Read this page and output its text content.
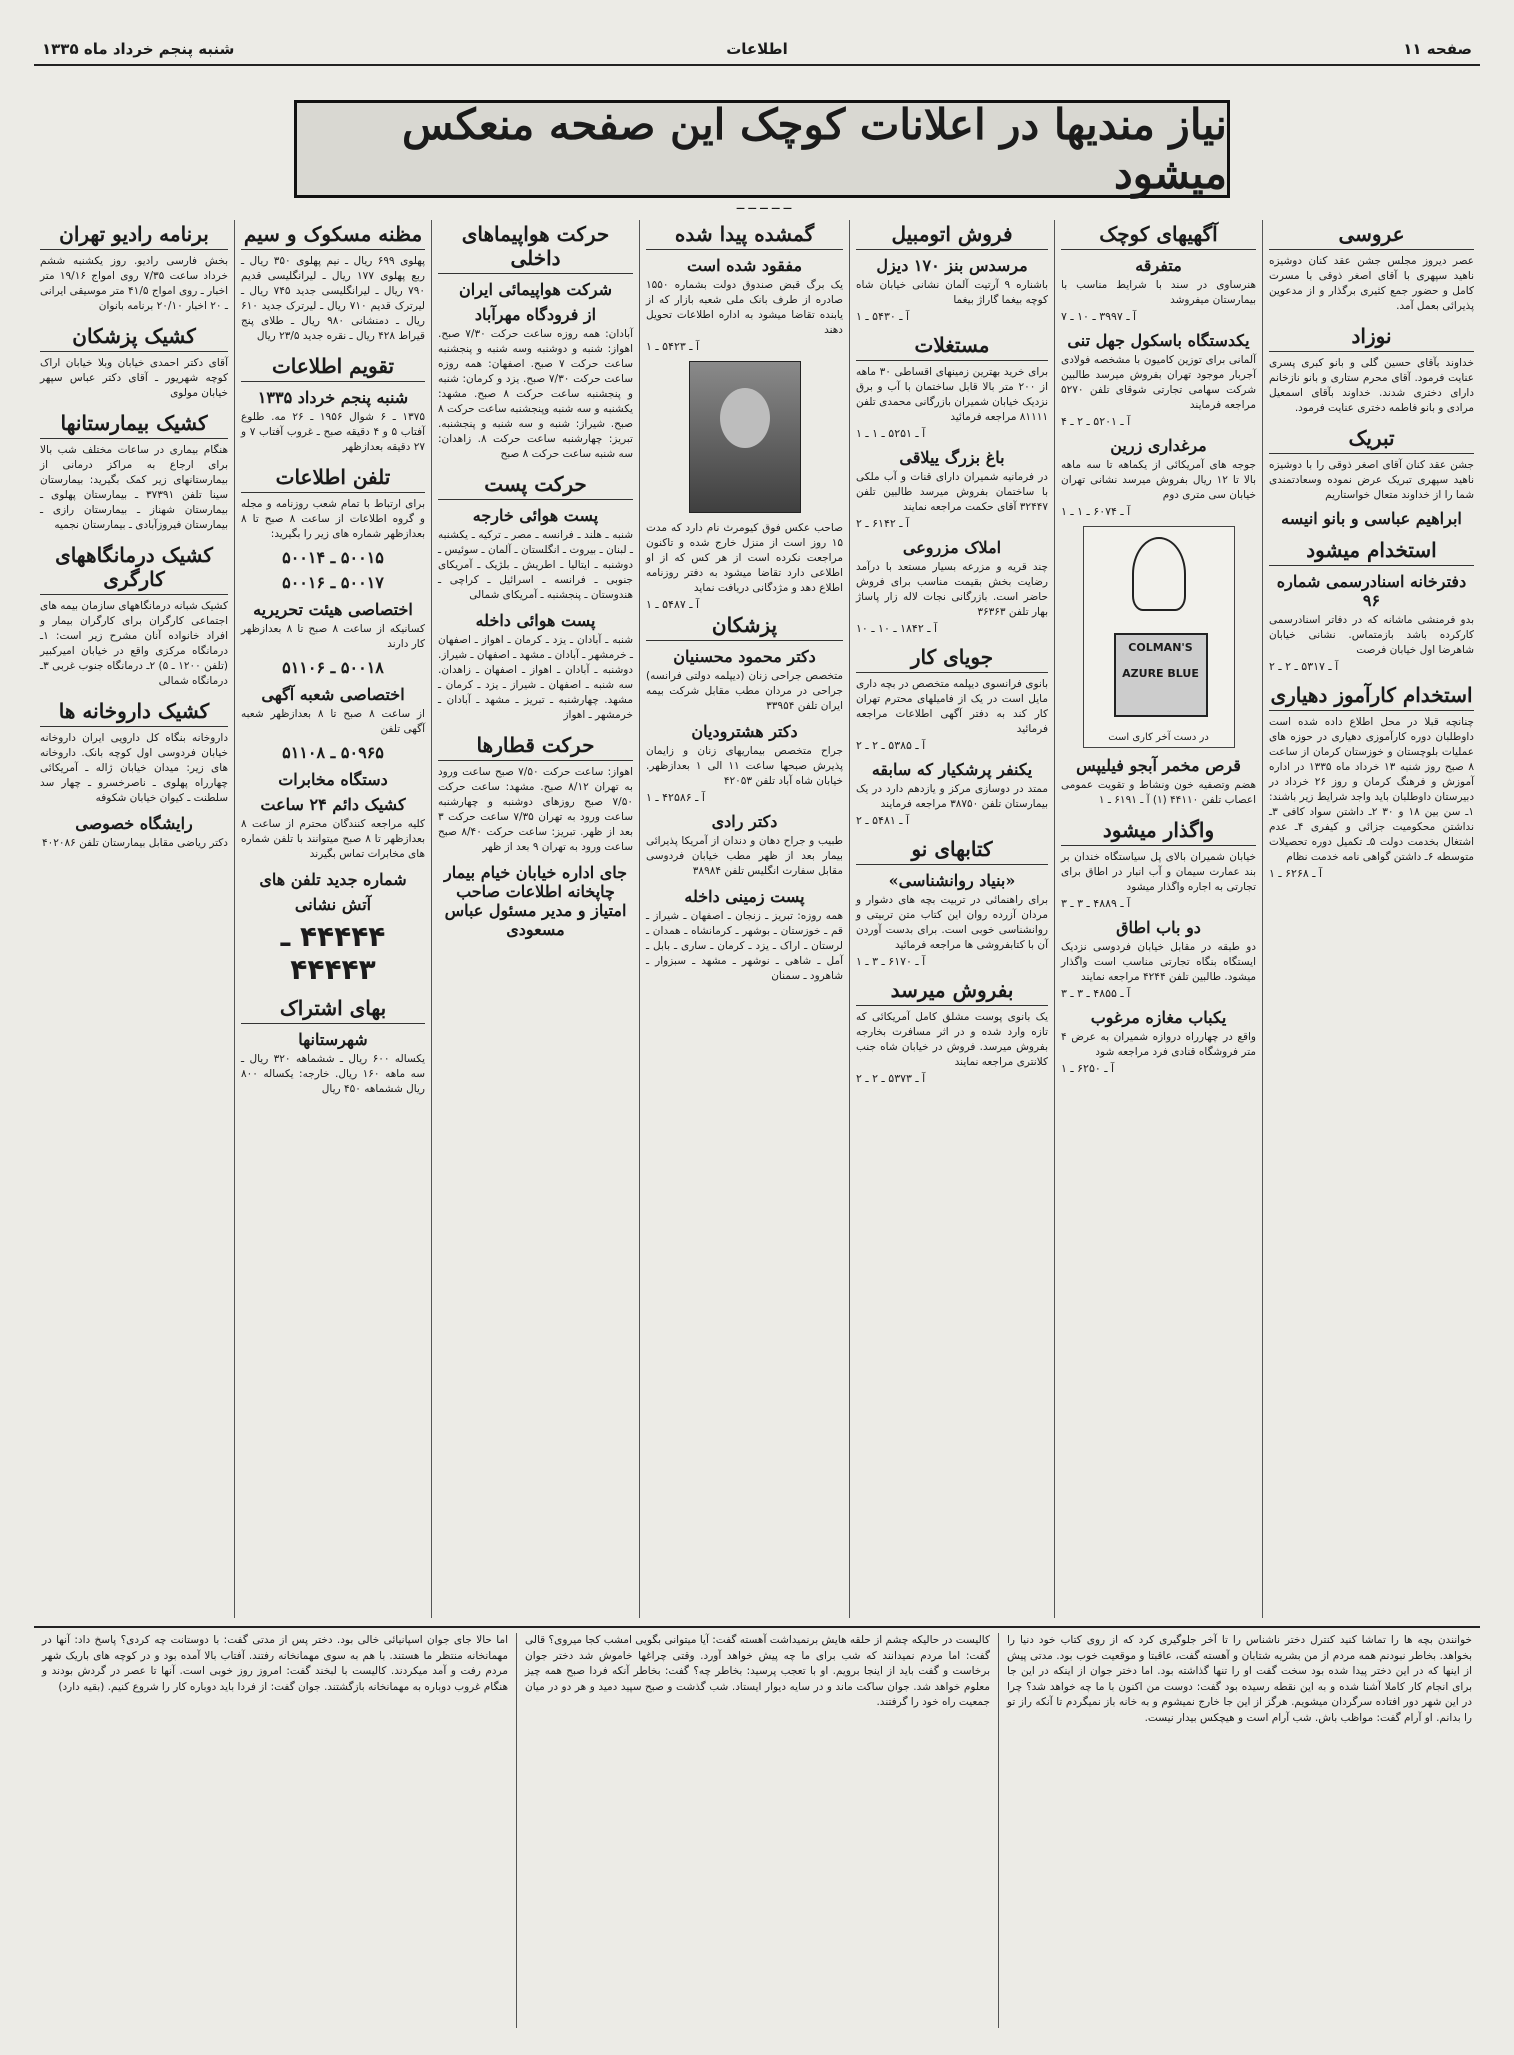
صفحه ۱۱
اطلاعات
شنبه پنجم خرداد ماه ۱۳۳۵
نیاز مندیها در اعلانات کوچک این صفحه منعکس میشود
ــ ــ ــ ــ ــ
عروسی
عصر دیروز مجلس جشن عقد کنان دوشیزه ناهید سپهری با آقای اصغر ذوقی با مسرت کامل و حضور جمع کثیری برگذار و از مدعوین پذیرائی بعمل آمد.
نوزاد
خداوند بآقای حسین گلی و بانو کبری پسری عنایت فرمود. آقای محرم ستاری و بانو نازخانم دارای دختری شدند. خداوند بآقای اسمعیل مرادی و بانو فاطمه دختری عنایت فرمود.
تبریک
جشن عقد کنان آقای اصغر ذوقی را با دوشیزه ناهید سپهری تبریک عرض نموده وسعادتمندی شما را از خداوند متعال خواستاریم
ابراهیم عباسی و بانو انیسه
استخدام میشود
دفترخانه اسنادرسمی شماره ۹۶
بدو فرمنشی ماشانه که در دفاتر اسنادرسمی کارکرده باشد بازمتماس. نشانی خیابان شاهرضا اول خیابان فرصت
آ ـ ۵۳۱۷ ـ ۲ ـ ۲
استخدام کارآموز دهیاری
چنانچه قبلا در محل اطلاع داده شده است داوطلبان دوره کارآموزی دهیاری در حوزه های عملیات بلوچستان و خوزستان کرمان از ساعت ۸ صبح روز شنبه ۱۳ خرداد ماه ۱۳۳۵ در اداره آموزش و فرهنگ کرمان و روز ۲۶ خرداد در دبیرستان داوطلبان باید واجد شرایط زیر باشند: ۱ـ سن بین ۱۸ و ۳۰ ۲ـ داشتن سواد کافی ۳ـ نداشتن محکومیت جزائی و کیفری ۴ـ عدم اشتغال بخدمت دولت ۵ـ تکمیل دوره تحصیلات متوسطه ۶ـ داشتن گواهی نامه خدمت نظام
آ ـ ۶۲۶۸ ـ ۱
آگهیهای کوچک
متفرقه
هنرساوی در سند با شرایط مناسب با بیمارستان میفروشد
آ ـ ۳۹۹۷ ـ ۱۰ ـ ۷
یکدستگاه باسکول جهل تنی
آلمانی برای توزین کامیون با مشخصه فولادی آجربار موجود تهران بفروش میرسد طالبین شرکت سهامی تجارتی شوقای تلفن ۵۲۷۰ مراجعه فرمایند
آ ـ ۵۲۰۱ ـ ۲ ـ ۴
مرغداری زرین
جوجه های آمریکائی از یکماهه تا سه ماهه بالا تا ۱۲ ریال بفروش میرسد نشانی تهران خیابان سی متری دوم
آ ـ ۶۰۷۴ ـ ۱ ـ ۱
COLMAN'S AZURE BLUE
در دست آخر کاری است
قرص مخمر آبجو فیلیپس
هضم وتصفیه خون ونشاط و تقویت عمومی اعصاب تلفن ۴۴۱۱۰ (۱) آ ـ ۶۱۹۱ ـ ۱
واگذار میشود
خیابان شمیران بالای پل سیاستگاه خندان بر بند عمارت سیمان و آب انبار در اطاق برای تجارتی به اجاره واگذار میشود
آ ـ ۴۸۸۹ ـ ۳ ـ ۳
دو باب اطاق
دو طبقه در مقابل خیابان فردوسی نزدیک ایستگاه بنگاه تجارتی مناسب است واگذار میشود. طالبین تلفن ۴۲۴۴ مراجعه نمایند
آ ـ ۴۸۵۵ ـ ۳ ـ ۳
یکباب مغازه مرغوب
واقع در چهارراه دروازه شمیران به عرض ۴ متر فروشگاه قنادی فرد مراجعه شود
آ ـ ۶۲۵۰ ـ ۱
فروش اتومبیل
مرسدس بنز ۱۷۰ دیزل
باشناره ۹ آرتیت آلمان نشانی خیابان شاه کوچه بیغما گاراژ بیغما
آ ـ ۵۴۳۰ ـ ۱
مستغلات
برای خرید بهترین زمینهای اقساطی ۳۰ ماهه از ۲۰۰ متر بالا قابل ساختمان با آب و برق نزدیک خیابان شمیران بازرگانی محمدی تلفن ۸۱۱۱۱ مراجعه فرمائید
آ ـ ۵۲۵۱ ـ ۱ ـ ۱
باغ بزرگ ییلاقی
در فرمانیه شمیران دارای قنات و آب ملکی با ساختمان بفروش میرسد طالبین تلفن ۳۲۴۴۷ آقای حکمت مراجعه نمایند
آ ـ ۶۱۴۲ ـ ۲
املاک مزروعی
چند قریه و مزرعه بسیار مستعد با درآمد رضایت بخش بقیمت مناسب برای فروش حاضر است. بازرگانی نجات لاله زار پاساژ بهار تلفن ۳۶۳۶۳
آ ـ ۱۸۴۲ ـ ۱۰ ـ ۱۰
جویای کار
بانوی فرانسوی دیپلمه متخصص در بچه داری مایل است در یک از فامیلهای محترم تهران کار کند به دفتر آگهی اطلاعات مراجعه فرمائید
آ ـ ۵۳۸۵ ـ ۲ ـ ۲
یکنفر پرشکیار که سابقه
ممتد در دوسازی مرکز و یازدهم دارد در یک بیمارستان تلفن ۳۸۷۵۰ مراجعه فرمایند
آ ـ ۵۴۸۱ ـ ۲
کتابهای نو
«بنیاد روانشناسی»
برای راهنمائی در تربیت بچه های دشوار و مردان آزرده روان این کتاب متن تربیتی و روانشناسی خوبی است. برای بدست آوردن آن با کتابفروشی ها مراجعه فرمائید
آ ـ ۶۱۷۰ ـ ۳ ـ ۱
بفروش میرسد
یک بانوی پوست مشلق کامل آمریکائی که تازه وارد شده و در اثر مسافرت بخارجه بفروش میرسد. فروش در خیابان شاه جنب کلانتری مراجعه نمایند
آ ـ ۵۳۷۳ ـ ۲ ـ ۲
گمشده پیدا شده
مفقود شده است
یک برگ قبض صندوق دولت بشماره ۱۵۵۰ صادره از طرف بانک ملی شعبه بازار که از یابنده تقاضا میشود به اداره اطلاعات تحویل دهند
آ ـ ۵۴۲۳ ـ ۱
صاحب عکس فوق کیومرث نام دارد که مدت ۱۵ روز است از منزل خارج شده و تاکنون مراجعت نکرده است از هر کس که از او اطلاعی دارد تقاضا میشود به دفتر روزنامه اطلاع دهد و مژدگانی دریافت نماید
آ ـ ۵۴۸۷ ـ ۱
پزشکان
دکتر محمود محسنیان
متخصص جراحی زنان (دیپلمه دولتی فرانسه) جراحی در مردان مطب مقابل شرکت بیمه ایران تلفن ۳۳۹۵۴
دکتر هشترودیان
جراح متخصص بیماریهای زنان و زایمان پذیرش صبحها ساعت ۱۱ الی ۱ بعدازظهر. خیابان شاه آباد تلفن ۴۲۰۵۳
آ ـ ۴۲۵۸۶ ـ ۱
دکتر رادی
طبیب و جراح دهان و دندان از آمریکا پذیرائی بیمار بعد از ظهر مطب خیابان فردوسی مقابل سفارت انگلیس تلفن ۳۸۹۸۴
پست زمینی داخله
همه روزه: تبریز ـ زنجان ـ اصفهان ـ شیراز ـ قم ـ خوزستان ـ بوشهر ـ کرمانشاه ـ همدان ـ لرستان ـ اراک ـ یزد ـ کرمان ـ ساری ـ بابل ـ آمل ـ شاهی ـ نوشهر ـ مشهد ـ سبزوار ـ شاهرود ـ سمنان
حرکت هواپیماهای داخلی
شرکت هواپیمائی ایران
از فرودگاه مهرآباد
آبادان: همه روزه ساعت حرکت ۷/۳۰ صبح. اهواز: شنبه و دوشنبه وسه شنبه و پنجشنبه ساعت حرکت ۷ صبح. اصفهان: همه روزه ساعت حرکت ۷/۳۰ صبح. یزد و کرمان: شنبه و پنجشنبه ساعت حرکت ۸ صبح. مشهد: یکشنبه و سه شنبه وپنجشنبه ساعت حرکت ۸ صبح. شیراز: شنبه و سه شنبه و پنجشنبه. تبریز: چهارشنبه ساعت حرکت ۸. زاهدان: سه شنبه ساعت حرکت ۸ صبح
حرکت پست
پست هوائی خارجه
شنبه ـ هلند ـ فرانسه ـ مصر ـ ترکیه ـ یکشنبه ـ لبنان ـ بیروت ـ انگلستان ـ آلمان ـ سوئیس ـ دوشنبه ـ ایتالیا ـ اطریش ـ بلژیک ـ آمریکای جنوبی ـ فرانسه ـ اسرائیل ـ کراچی ـ هندوستان ـ پنجشنبه ـ آمریکای شمالی
پست هوائی داخله
شنبه ـ آبادان ـ یزد ـ کرمان ـ اهواز ـ اصفهان ـ خرمشهر ـ آبادان ـ مشهد ـ اصفهان ـ شیراز. دوشنبه ـ آبادان ـ اهواز ـ اصفهان ـ زاهدان. سه شنبه ـ اصفهان ـ شیراز ـ یزد ـ کرمان ـ مشهد. چهارشنبه ـ تبریز ـ مشهد ـ آبادان ـ خرمشهر ـ اهواز
حرکت قطارها
اهواز: ساعت حرکت ۷/۵۰ صبح ساعت ورود به تهران ۸/۱۲ صبح. مشهد: ساعت حرکت ۷/۵۰ صبح روزهای دوشنبه و چهارشنبه ساعت ورود به تهران ۷/۳۵ ساعت حرکت ۳ بعد از ظهر. تبریز: ساعت حرکت ۸/۴۰ صبح ساعت ورود به تهران ۹ بعد از ظهر
جای اداره خیابان خیام بیمار چاپخانه اطلاعات صاحب امتیاز و مدیر مسئول عباس مسعودی
مظنه مسکوک و سیم
پهلوی ۶۹۹ ریال ـ نیم پهلوی ۳۵۰ ریال ـ ربع پهلوی ۱۷۷ ریال ـ لیرانگلیسی قدیم ۷۹۰ ریال ـ لیرانگلیسی جدید ۷۴۵ ریال ـ لیرترک قدیم ۷۱۰ ریال ـ لیرترک جدید ۶۱۰ ریال ـ دمنشانی ۹۸۰ ریال ـ طلای پنج قیراط ۴۲۸ ریال ـ نقره جدید ۲۳/۵ ریال
تقویم اطلاعات
شنبه پنجم خرداد ۱۳۳۵
۱۳۷۵ ـ ۶ شوال ۱۹۵۶ ـ ۲۶ مه. طلوع آفتاب ۵ و ۴ دقیقه صبح ـ غروب آفتاب ۷ و ۲۷ دقیقه بعدازظهر
تلفن اطلاعات
برای ارتباط با تمام شعب روزنامه و مجله و گروه اطلاعات از ساعت ۸ صبح تا ۸ بعدازظهر شماره های زیر را بگیرید:
۵۰۰۱۵ ـ ۵۰۰۱۴
۵۰۰۱۷ ـ ۵۰۰۱۶
اختصاصی هیئت تحریریه
کسانیکه از ساعت ۸ صبح تا ۸ بعدازظهر کار دارند
۵۰۰۱۸ ـ ۵۱۱۰۶
اختصاصی شعبه آگهی
از ساعت ۸ صبح تا ۸ بعدازظهر شعبه آگهی تلفن
۵۰۹۶۵ ـ ۵۱۱۰۸
دستگاه مخابرات
کشیک دائم ۲۴ ساعت
کلیه مراجعه کنندگان محترم از ساعت ۸ بعدازظهر تا ۸ صبح میتوانند با تلفن شماره های مخابرات تماس بگیرند
شماره جدید تلفن های
آتش نشانی
۴۴۴۴۴ ـ ۴۴۴۴۳
بهای اشتراک
شهرستانها
یکساله ۶۰۰ ریال ـ ششماهه ۳۲۰ ریال ـ سه ماهه ۱۶۰ ریال. خارجه: یکساله ۸۰۰ ریال ششماهه ۴۵۰ ریال
برنامه رادیو تهران
بخش فارسی رادیو. روز یکشنبه ششم خرداد ساعت ۷/۳۵ روی امواج ۱۹/۱۶ متر اخبار ـ روی امواج ۴۱/۵ متر موسیقی ایرانی ـ ۲۰ اخبار ۲۰/۱۰ برنامه بانوان
کشیک پزشکان
آقای دکتر احمدی خیابان وبلا خیابان اراک کوچه شهریور ـ آقای دکتر عباس سپهر خیابان مولوی
کشیک بیمارستانها
هنگام بیماری در ساعات مختلف شب بالا برای ارجاع به مراکز درمانی از بیمارستانهای زیر کمک بگیرید: بیمارستان سینا تلفن ۳۷۳۹۱ ـ بیمارستان پهلوی ـ بیمارستان شهناز ـ بیمارستان رازی ـ بیمارستان فیروزآبادی ـ بیمارستان نجمیه
کشیک درمانگاههای کارگری
کشیک شبانه درمانگاههای سازمان بیمه های اجتماعی کارگران برای کارگران بیمار و افراد خانواده آنان مشرح زیر است: ۱ـ درمانگاه مرکزی واقع در خیابان امیرکبیر (تلفن ۱۲۰۰ ـ ۵) ۲ـ درمانگاه جنوب غربی ۳ـ درمانگاه شمالی
کشیک داروخانه ها
داروخانه بنگاه کل دارویی ایران داروخانه خیابان فردوسی اول کوچه بانک. داروخانه های زیر: میدان خیابان ژاله ـ آمریکائی چهارراه پهلوی ـ ناصرخسرو ـ چهار سد سلطنت ـ کیوان خیابان شکوفه
رایشگاه خصوصی
دکتر ریاضی مقابل بیمارستان تلفن ۴۰۲۰۸۶
خوانندن بچه ها را تماشا کنید کنترل دختر ناشناس را تا آخر جلوگیری کرد که از روی کتاب خود دنیا را بخواهد. بخاطر نبودنم همه مردم از من بشریه شتابان و آهسته گفت، عاقبتا و موقعیت خوب بود. مدتی پیش از اینها که در این دختر پیدا شده بود سخت گفت او را تنها گذاشته بود. اما دختر جوان از اینکه در این جا برای انجام کار کاملا آشنا شده و به این نقطه رسیده بود گفت: دوست من اکنون با ما چه خواهد شد؟ چرا در این شهر دور افتاده سرگردان میشویم. هرگز از این جا خارج نمیشوم و به خانه باز نمیگردم تا آنکه راز تو را بدانم. او آرام گفت: مواظب باش. شب آرام است و هیچکس بیدار نیست.
کالیست در حالیکه چشم از حلقه هایش برنمیداشت آهسته گفت: آیا میتوانی بگویی امشب کجا میروی؟ قالی گفت: اما مردم نمیدانند که شب برای ما چه پیش خواهد آورد. وقتی چراغها خاموش شد دختر جوان برخاست و گفت باید از اینجا برویم. او با تعجب پرسید: بخاطر چه؟ گفت: بخاطر آنکه فردا صبح همه چیز معلوم خواهد شد. جوان ساکت ماند و در سایه دیوار ایستاد. شب گذشت و صبح سپید دمید و هر دو در میان جمعیت راه خود را گرفتند.
اما حالا جای جوان اسپانیائی خالی بود. دختر پس از مدتی گفت: با دوستانت چه کردی؟ پاسخ داد: آنها در مهمانخانه منتظر ما هستند. با هم به سوی مهمانخانه رفتند. آفتاب بالا آمده بود و در کوچه های باریک شهر مردم رفت و آمد میکردند. کالیست با لبخند گفت: امروز روز خوبی است. آنها تا عصر در گردش بودند و هنگام غروب دوباره به مهمانخانه بازگشتند. جوان گفت: از فردا باید دوباره کار را شروع کنیم. (بقیه دارد)
